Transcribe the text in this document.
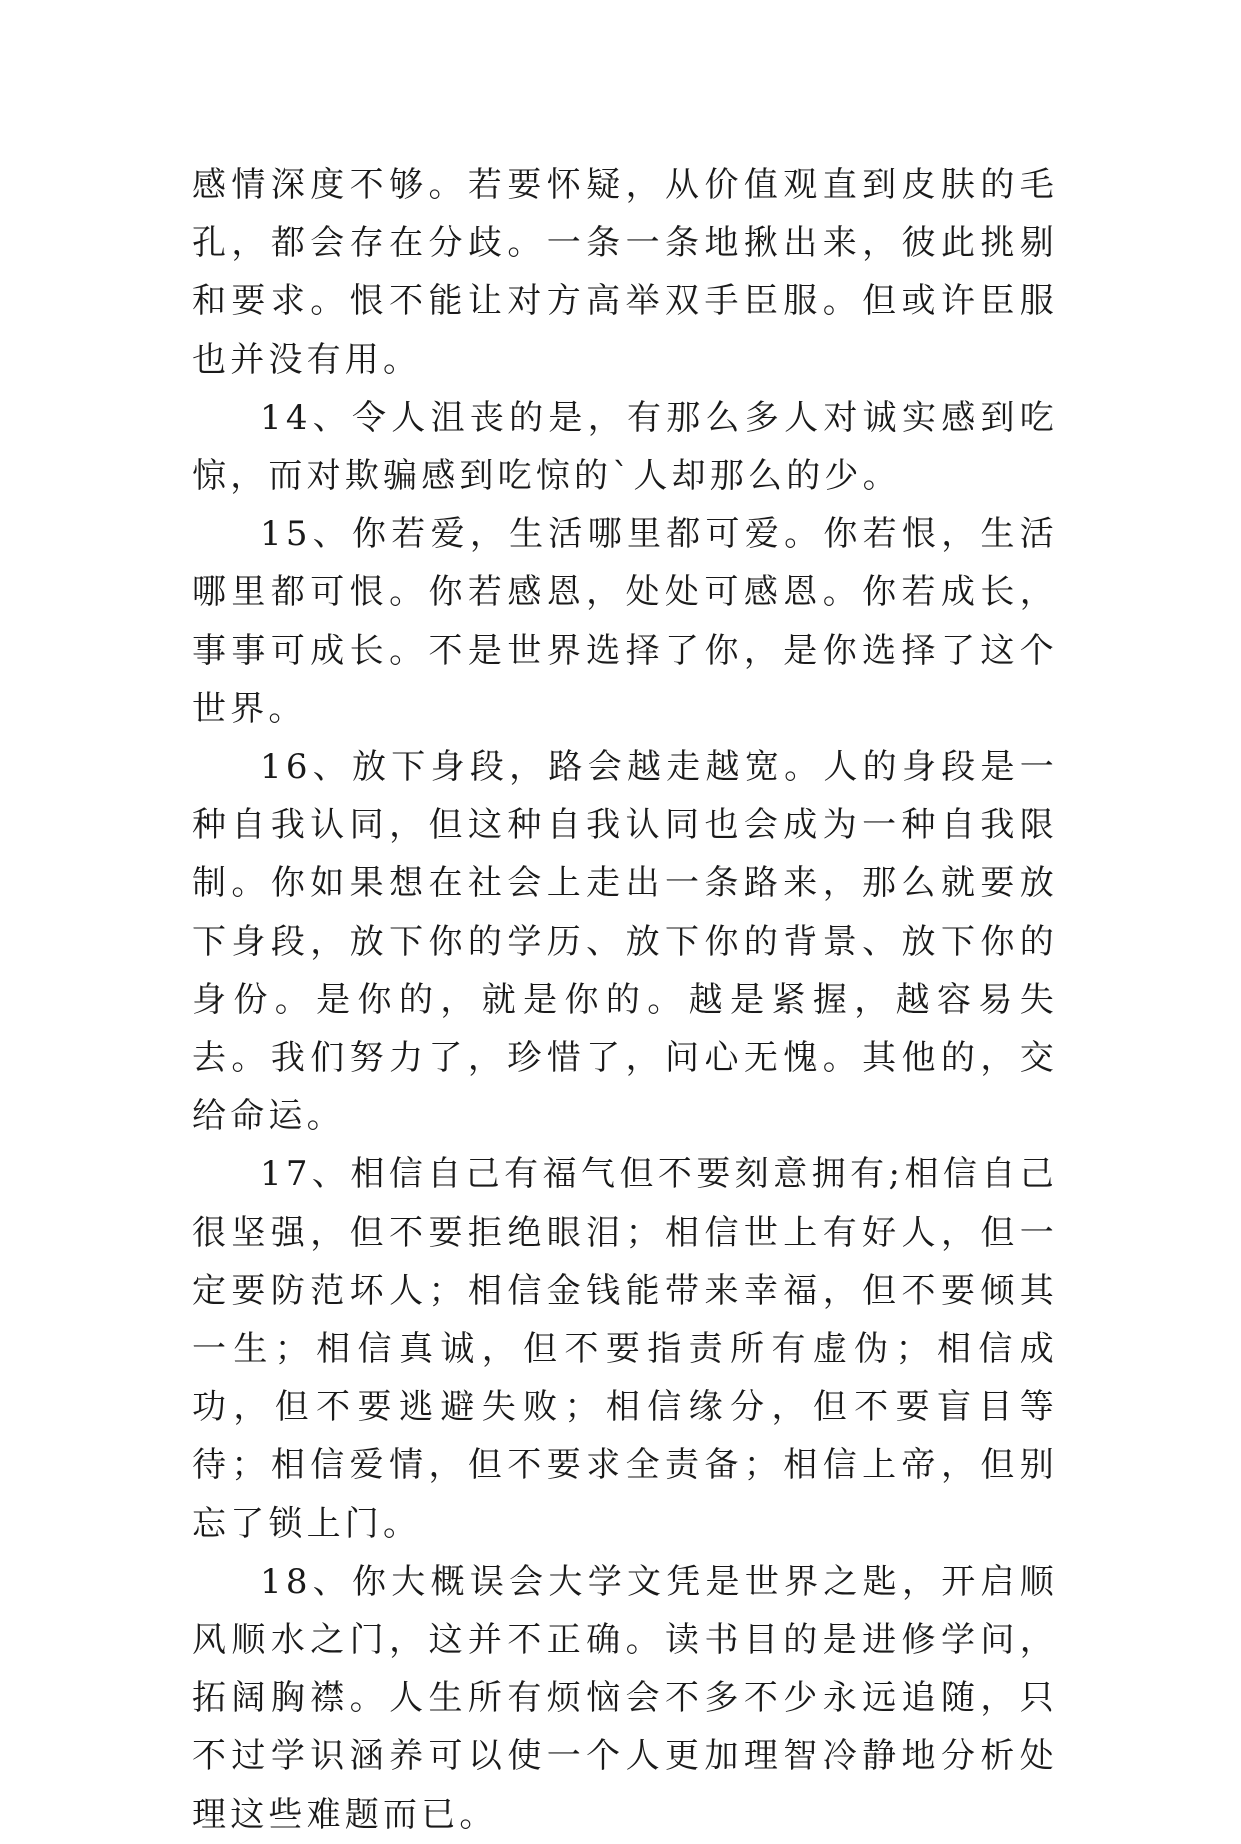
感情深度不够。若要怀疑，从价值观直到皮肤的毛孔，都会存在分歧。一条一条地揪出来，彼此挑剔和要求。恨不能让对方高举双手臣服。但或许臣服也并没有用。

14、令人沮丧的是，有那么多人对诚实感到吃惊，而对欺骗感到吃惊的`人却那么的少。

15、你若爱，生活哪里都可爱。你若恨，生活哪里都可恨。你若感恩，处处可感恩。你若成长，事事可成长。不是世界选择了你，是你选择了这个世界。

16、放下身段，路会越走越宽。人的身段是一种自我认同，但这种自我认同也会成为一种自我限制。你如果想在社会上走出一条路来，那么就要放下身段，放下你的学历、放下你的背景、放下你的身份。是你的，就是你的。越是紧握，越容易失去。我们努力了，珍惜了，问心无愧。其他的，交给命运。

17、相信自己有福气但不要刻意拥有;相信自己很坚强，但不要拒绝眼泪；相信世上有好人，但一定要防范坏人；相信金钱能带来幸福，但不要倾其一生；相信真诚，但不要指责所有虚伪；相信成功，但不要逃避失败；相信缘分，但不要盲目等待；相信爱情，但不要求全责备；相信上帝，但别忘了锁上门。

18、你大概误会大学文凭是世界之匙，开启顺风顺水之门，这并不正确。读书目的是进修学问，拓阔胸襟。人生所有烦恼会不多不少永远追随，只不过学识涵养可以使一个人更加理智冷静地分析处理这些难题而已。
